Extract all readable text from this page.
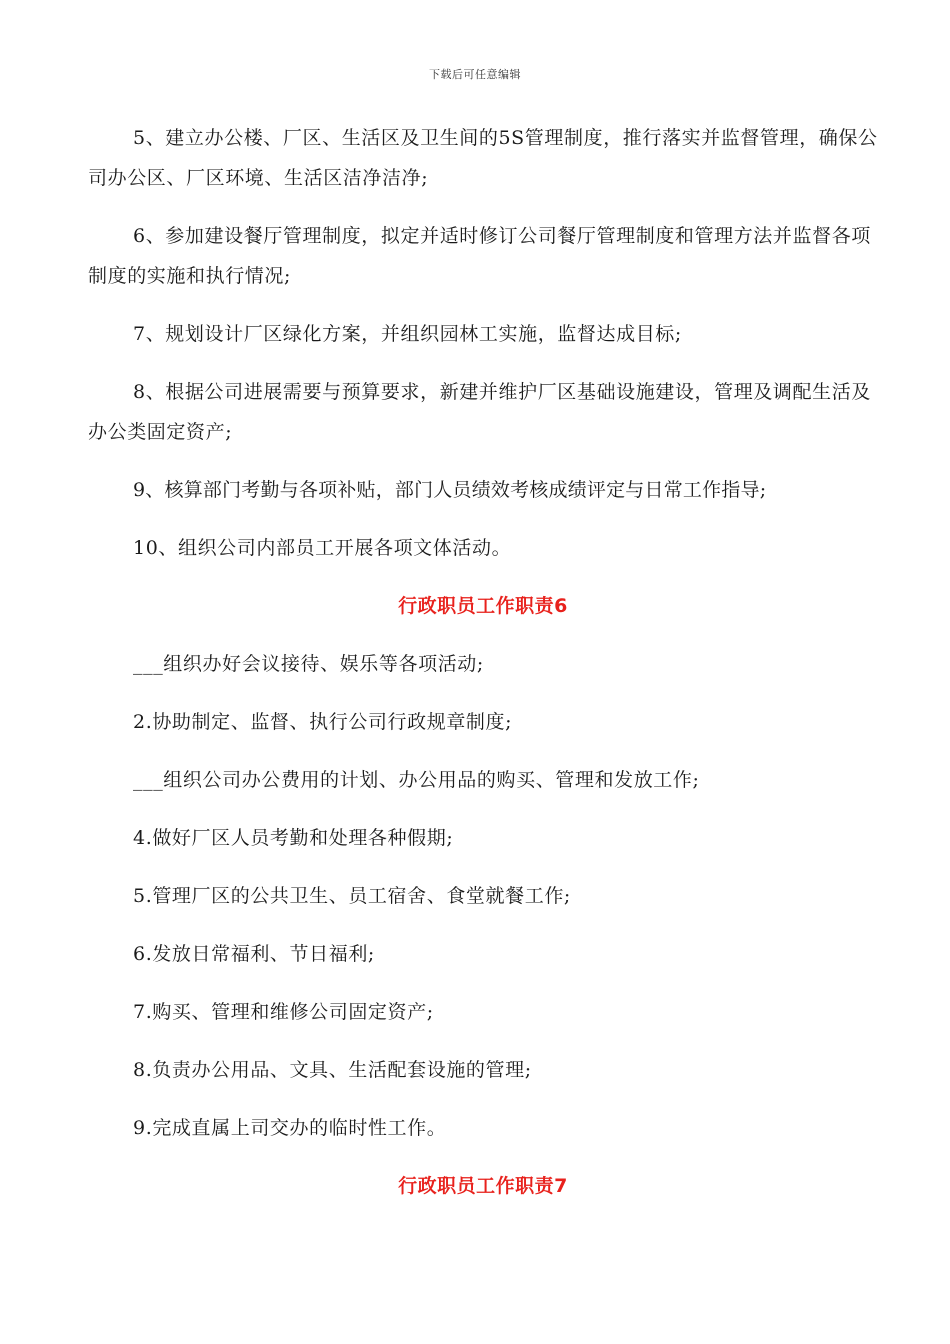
下载后可任意编辑

5、建立办公楼、厂区、生活区及卫生间的5S管理制度，推行落实并监督管理，确保公司办公区、厂区环境、生活区洁净洁净;

6、参加建设餐厅管理制度，拟定并适时修订公司餐厅管理制度和管理方法并监督各项制度的实施和执行情况;

7、规划设计厂区绿化方案，并组织园林工实施，监督达成目标;

8、根据公司进展需要与预算要求，新建并维护厂区基础设施建设，管理及调配生活及办公类固定资产;

9、核算部门考勤与各项补贴，部门人员绩效考核成绩评定与日常工作指导;

10、组织公司内部员工开展各项文体活动。

行政职员工作职责6
___组织办好会议接待、娱乐等各项活动;
2.协助制定、监督、执行公司行政规章制度;
___组织公司办公费用的计划、办公用品的购买、管理和发放工作;
4.做好厂区人员考勤和处理各种假期;
5.管理厂区的公共卫生、员工宿舍、食堂就餐工作;
6.发放日常福利、节日福利;
7.购买、管理和维修公司固定资产;
8.负责办公用品、文具、生活配套设施的管理;
9.完成直属上司交办的临时性工作。
行政职员工作职责7
